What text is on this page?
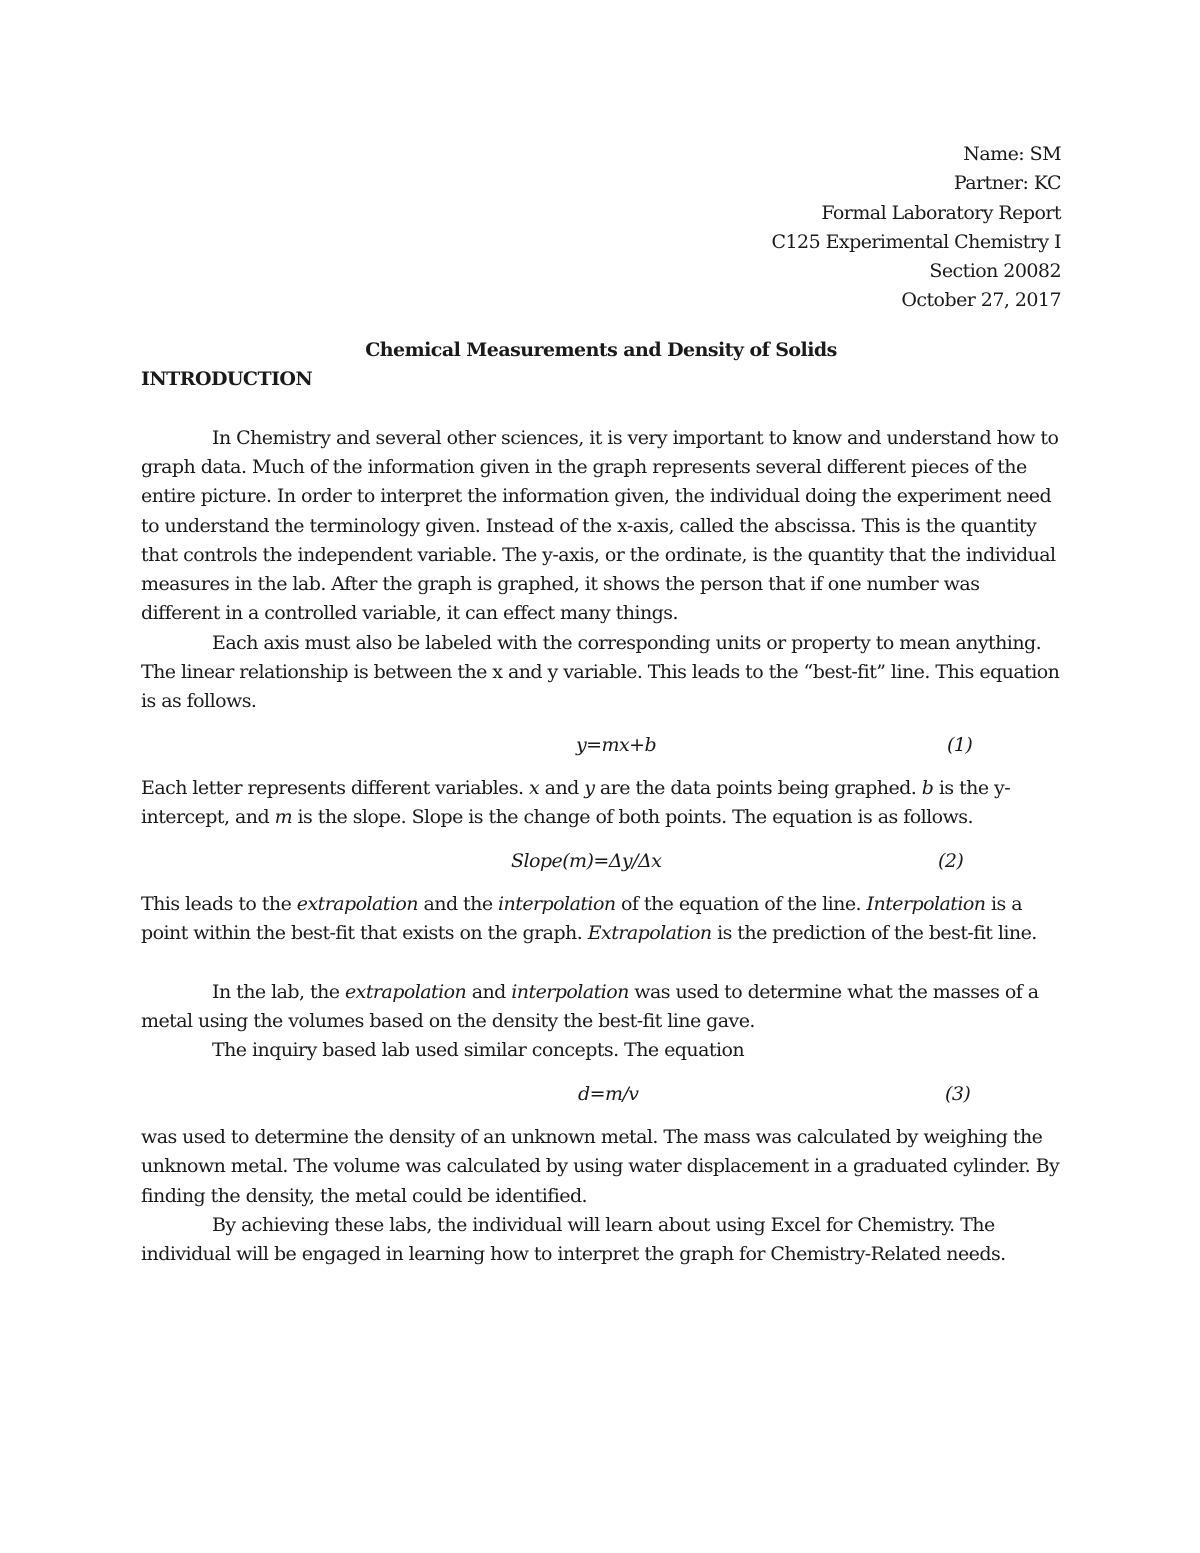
Name: SM
Partner: KC
Formal Laboratory Report
C125 Experimental Chemistry I
Section 20082
October 27, 2017
Chemical Measurements and Density of Solids
INTRODUCTION

In Chemistry and several other sciences, it is very important to know and understand how to graph data. Much of the information given in the graph represents several different pieces of the entire picture. In order to interpret the information given, the individual doing the experiment need to understand the terminology given. Instead of the x-axis, called the abscissa. This is the quantity that controls the independent variable. The y-axis, or the ordinate, is the quantity that the individual measures in the lab. After the graph is graphed, it shows the person that if one number was different in a controlled variable, it can effect many things.

Each axis must also be labeled with the corresponding units or property to mean anything. The linear relationship is between the x and y variable. This leads to the “best-fit” line. This equation is as follows.

y=mx+b	(1)

Each letter represents different variables. x and y are the data points being graphed. b is the y-intercept, and m is the slope. Slope is the change of both points. The equation is as follows.

Slope(m)=Δy/Δx	(2)

This leads to the extrapolation and the interpolation of the equation of the line. Interpolation is a point within the best-fit that exists on the graph. Extrapolation is the prediction of the best-fit line.

In the lab, the extrapolation and interpolation was used to determine what the masses of a metal using the volumes based on the density the best-fit line gave.

The inquiry based lab used similar concepts. The equation

d=m/v	(3)

was used to determine the density of an unknown metal. The mass was calculated by weighing the unknown metal. The volume was calculated by using water displacement in a graduated cylinder. By finding the density, the metal could be identified.

By achieving these labs, the individual will learn about using Excel for Chemistry. The individual will be engaged in learning how to interpret the graph for Chemistry-Related needs.
